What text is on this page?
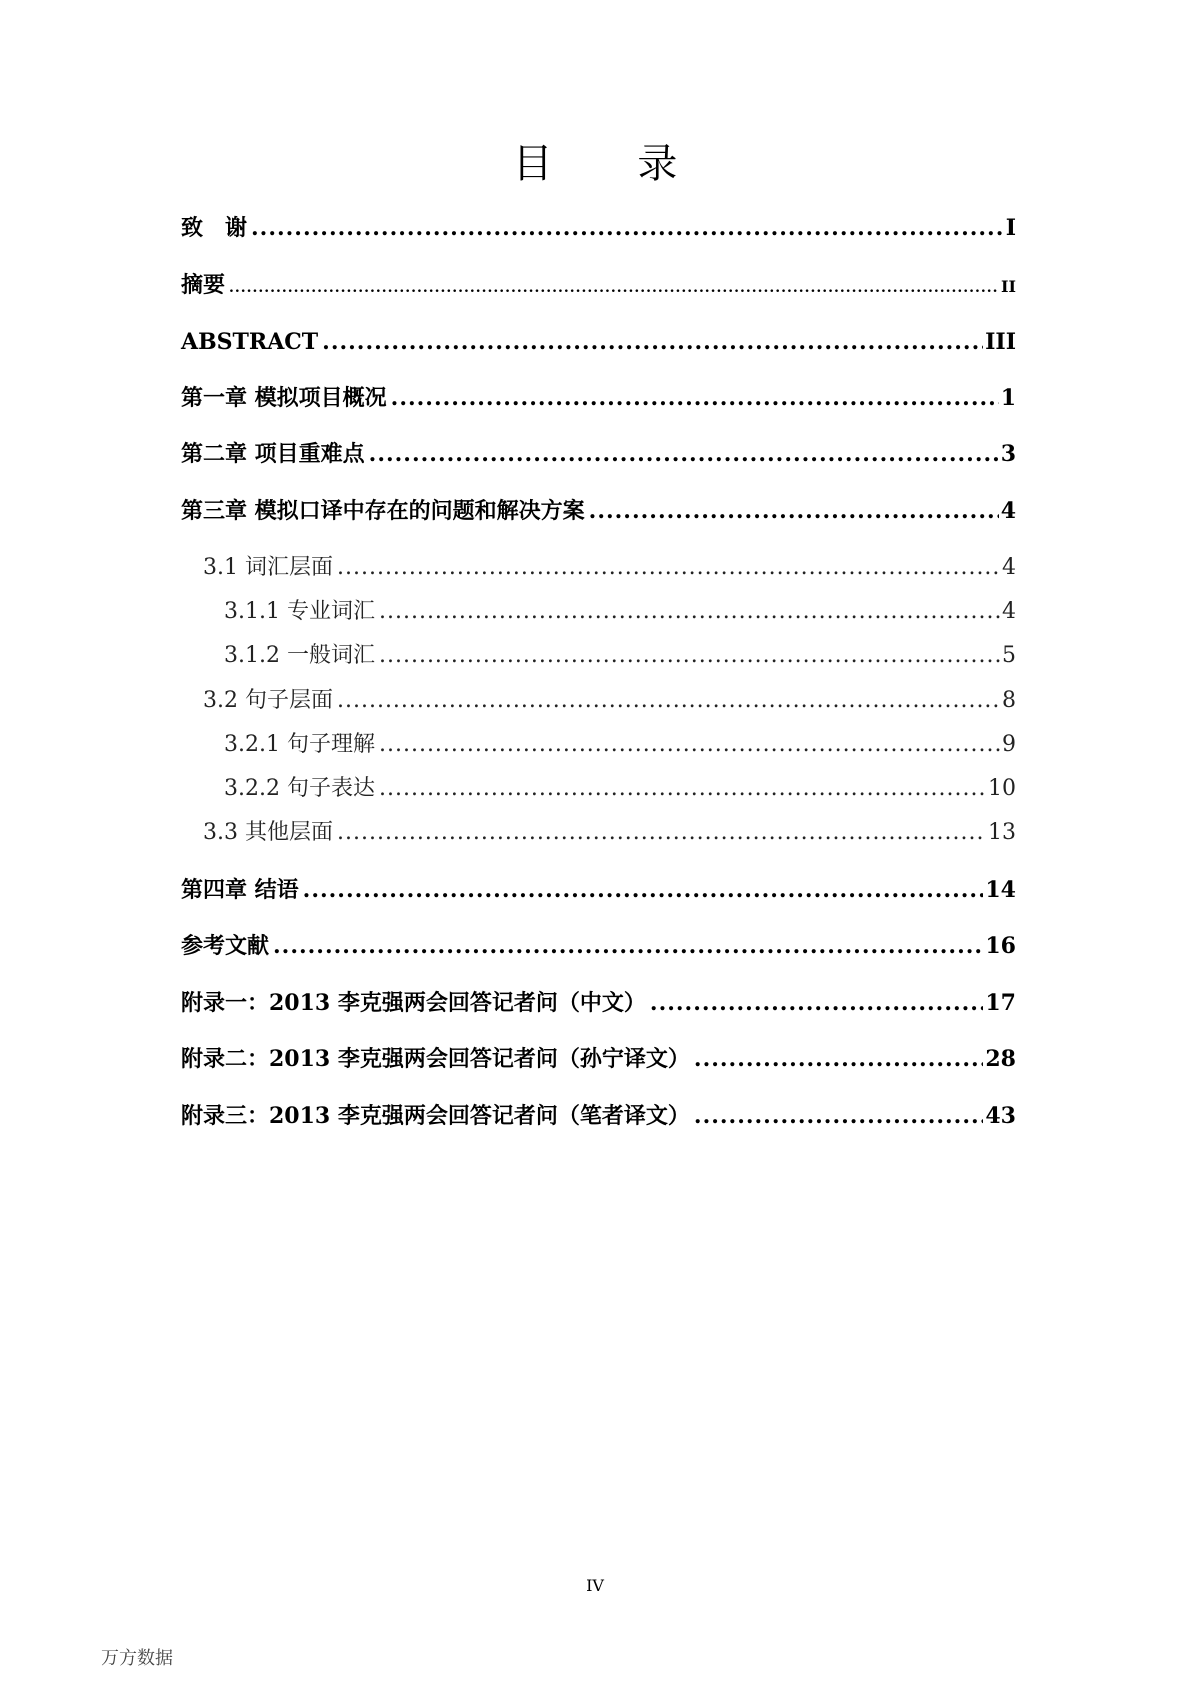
目 录
致　谢 .....	I
摘要 .....	II
ABSTRACT .....	III
第一章 模拟项目概况 .....	1
第二章 项目重难点 .....	3
第三章 模拟口译中存在的问题和解决方案 .....	4
3.1 词汇层面 .....	4
3.1.1 专业词汇 .....	4
3.1.2 一般词汇 .....	5
3.2 句子层面 .....	8
3.2.1 句子理解 .....	9
3.2.2 句子表达 .....	10
3.3 其他层面 .....	13
第四章 结语 .....	14
参考文献 .....	16
附录一：2013 李克强两会回答记者问（中文） .....	17
附录二：2013 李克强两会回答记者问（孙宁译文） .....	28
附录三：2013 李克强两会回答记者问（笔者译文） .....	43
IV
万方数据
